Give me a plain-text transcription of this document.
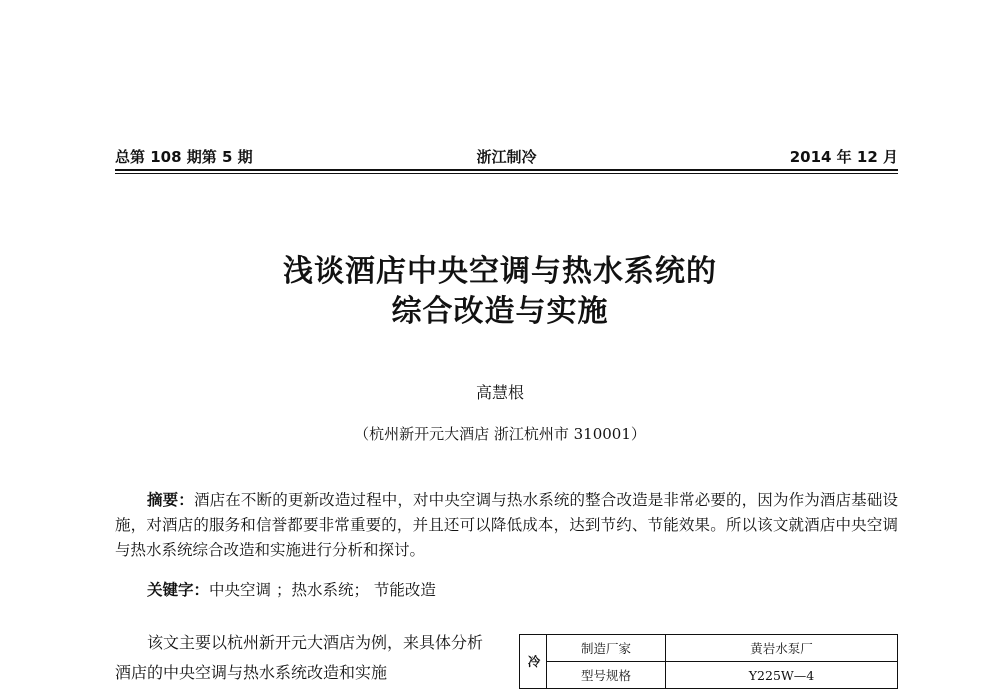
总第 108 期第 5 期	浙江制冷	2014 年 12 月
浅谈酒店中央空调与热水系统的
综合改造与实施
高慧根
（杭州新开元大酒店 浙江杭州市 310001）

摘要：酒店在不断的更新改造过程中，对中央空调与热水系统的整合改造是非常必要的，因为作为酒店基础设施，对酒店的服务和信誉都要非常重要的，并且还可以降低成本，达到节约、节能效果。所以该文就酒店中央空调与热水系统综合改造和实施进行分析和探讨。

关键字：中央空调 ；热水系统； 节能改造

该文主要以杭州新开元大酒店为例，来具体分析酒店的中央空调与热水系统改造和实施

冷	制造厂家	黄岩水泵厂
	型号规格	Y225W—4
